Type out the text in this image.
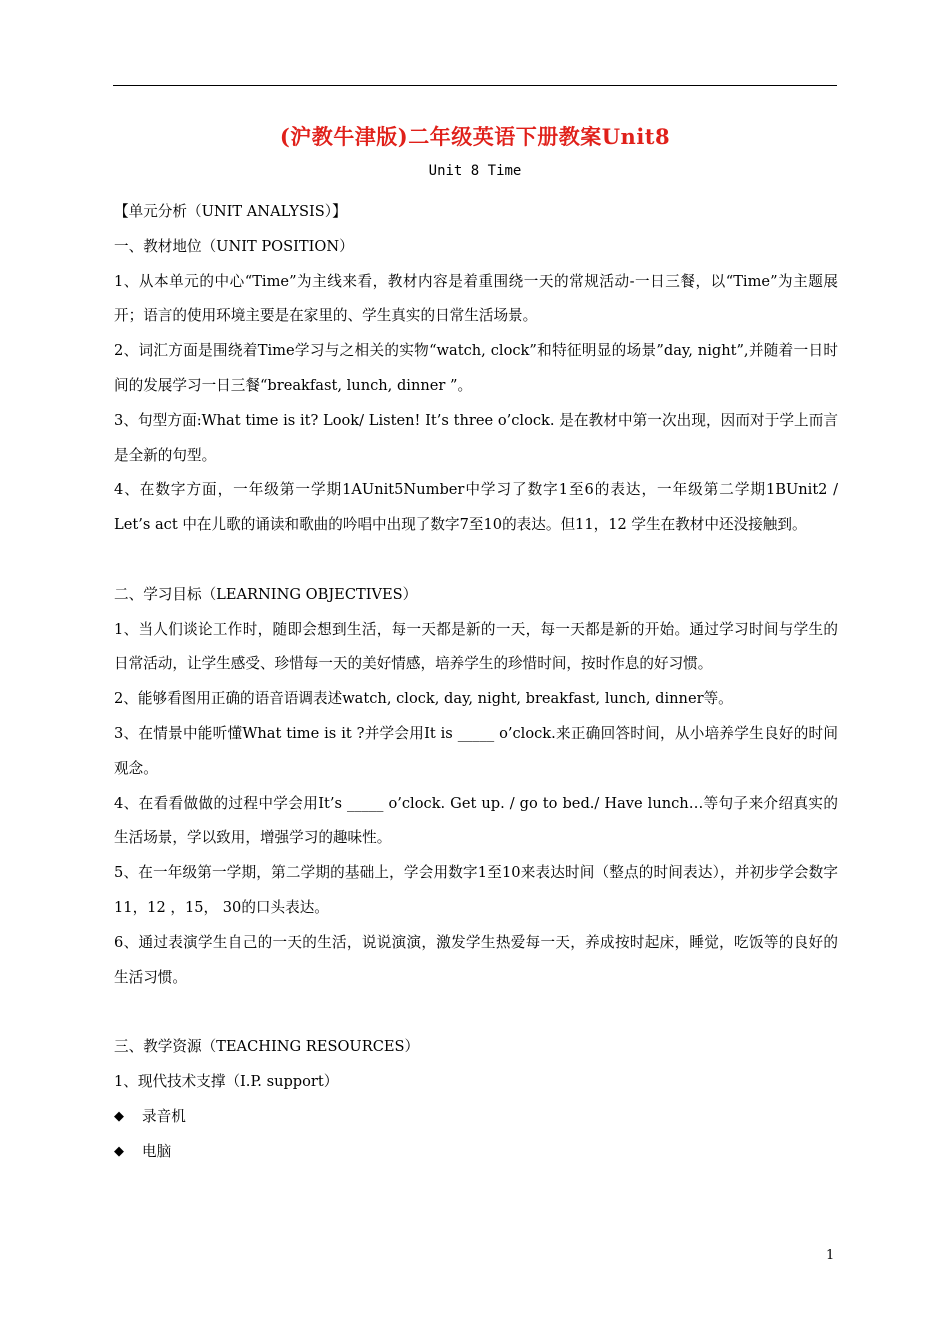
(沪教牛津版)二年级英语下册教案Unit8
Unit 8 Time

【单元分析（UNIT ANALYSIS）】

一、教材地位（UNIT POSITION）

1、从本单元的中心“Time”为主线来看，教材内容是着重围绕一天的常规活动-一日三餐，以“Time”为主题展开；语言的使用环境主要是在家里的、学生真实的日常生活场景。

2、词汇方面是围绕着Time学习与之相关的实物“watch, clock”和特征明显的场景”day, night”,并随着一日时间的发展学习一日三餐“breakfast, lunch, dinner ”。

3、句型方面:What time is it? Look/ Listen! It’s three o’clock. 是在教材中第一次出现，因而对于学上而言是全新的句型。

4、在数字方面，一年级第一学期1AUnit5Number中学习了数字1至6的表达，一年级第二学期1BUnit2 / Let’s act 中在儿歌的诵读和歌曲的吟唱中出现了数字7至10的表达。但11，12 学生在教材中还没接触到。

二、学习目标（LEARNING OBJECTIVES）

1、当人们谈论工作时，随即会想到生活，每一天都是新的一天，每一天都是新的开始。通过学习时间与学生的日常活动，让学生感受、珍惜每一天的美好情感，培养学生的珍惜时间，按时作息的好习惯。

2、能够看图用正确的语音语调表述watch, clock, day, night, breakfast, lunch, dinner等。

3、在情景中能听懂What time is it ?并学会用It is _____ o’clock.来正确回答时间，从小培养学生良好的时间观念。

4、在看看做做的过程中学会用It’s _____ o’clock. Get up. / go to bed./ Have lunch…等句子来介绍真实的生活场景，学以致用，增强学习的趣味性。

5、在一年级第一学期，第二学期的基础上，学会用数字1至10来表达时间（整点的时间表达），并初步学会数字11，12 ，15， 30的口头表达。

6、通过表演学生自己的一天的生活，说说演演，激发学生热爱每一天，养成按时起床，睡觉，吃饭等的良好的生活习惯。

三、教学资源（TEACHING RESOURCES）

1、现代技术支撑（I.P. support）

◆	录音机
◆	电脑
1
